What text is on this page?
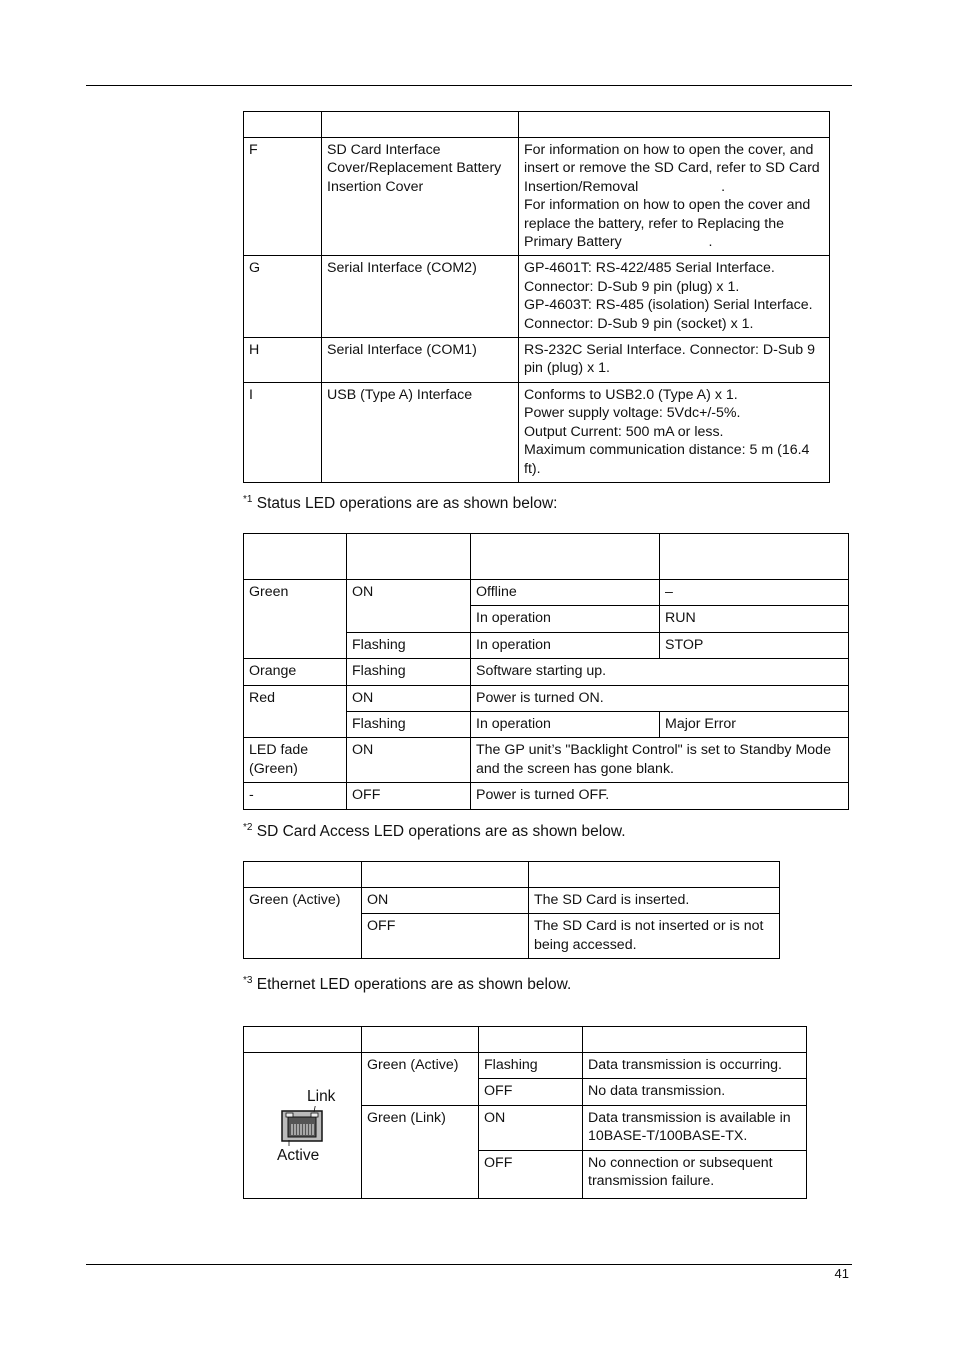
F	SD Card Interface Cover/Replacement Battery Insertion Cover	For information on how to open the cover, and insert or remove the SD Card, refer to SD Card Insertion/Removal                     .
For information on how to open the cover and replace the battery, refer to Replacing the Primary Battery                      .

G	Serial Interface (COM2)	GP-4601T: RS-422/485 Serial Interface.
Connector: D-Sub 9 pin (plug) x 1.
GP-4603T: RS-485 (isolation) Serial Interface.
Connector: D-Sub 9 pin (socket) x 1.

H	Serial Interface (COM1)	RS-232C Serial Interface. Connector: D-Sub 9 pin (plug) x 1.

I	USB (Type A) Interface	Conforms to USB2.0 (Type A) x 1.
Power supply voltage: 5Vdc+/-5%.
Output Current: 500 mA or less.
Maximum communication distance: 5 m (16.4 ft).
$^{*1}$ Status LED operations are as shown below:

Green	ON	Offline	–
		In operation	RUN
	Flashing	In operation	STOP
Orange	Flashing	Software starting up.	
Red	ON	Power is turned ON.	
	Flashing	In operation	Major Error
LED fade (Green)	ON	The GP unit’s "Backlight Control" is set to Standby Mode and the screen has gone blank.	
-	OFF	Power is turned OFF.	
$^{*2}$ SD Card Access LED operations are as shown below.

Green (Active)	ON	The SD Card is inserted.
	OFF	The SD Card is not inserted or is not being accessed.
$^{*3}$ Ethernet LED operations are as shown below.

Link
Active	Green (Active)	Flashing	Data transmission is occurring.
		OFF	No data transmission.
	Green (Link)	ON	Data transmission is available in 10BASE-T/100BASE-TX.
		OFF	No connection or subsequent transmission failure.
41
